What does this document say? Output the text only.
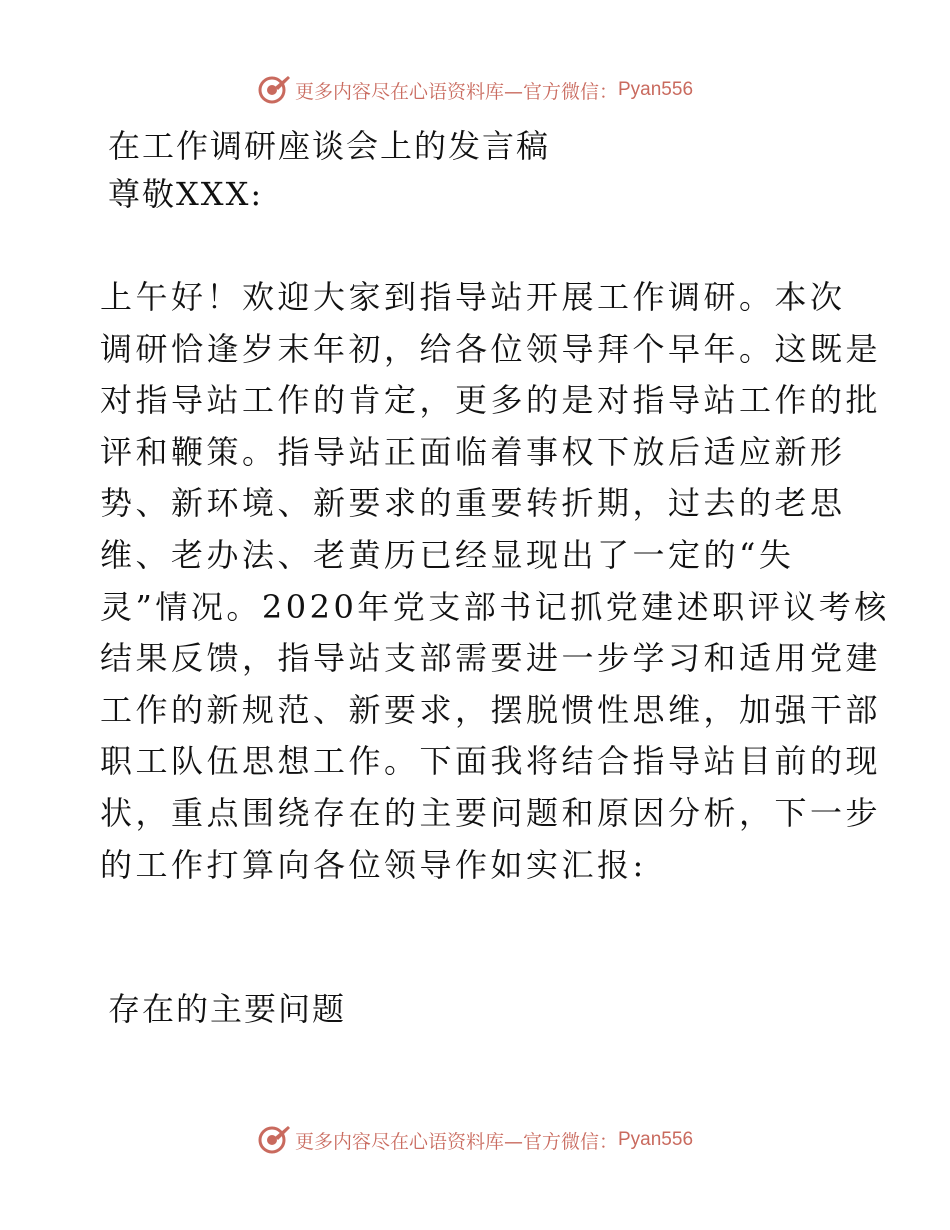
更多内容尽在心语资料库—官方微信： Pyan556
在工作调研座谈会上的发言稿
尊敬XXX:
上午好！欢迎大家到指导站开展工作调研。本次
调研恰逢岁末年初，给各位领导拜个早年。这既是
对指导站工作的肯定，更多的是对指导站工作的批
评和鞭策。指导站正面临着事权下放后适应新形
势、新环境、新要求的重要转折期，过去的老思
维、老办法、老黄历已经显现出了一定的“失
灵”情况。2020年党支部书记抓党建述职评议考核
结果反馈，指导站支部需要进一步学习和适用党建
工作的新规范、新要求，摆脱惯性思维，加强干部
职工队伍思想工作。下面我将结合指导站目前的现
状，重点围绕存在的主要问题和原因分析，下一步
的工作打算向各位领导作如实汇报:
存在的主要问题
更多内容尽在心语资料库—官方微信： Pyan556
